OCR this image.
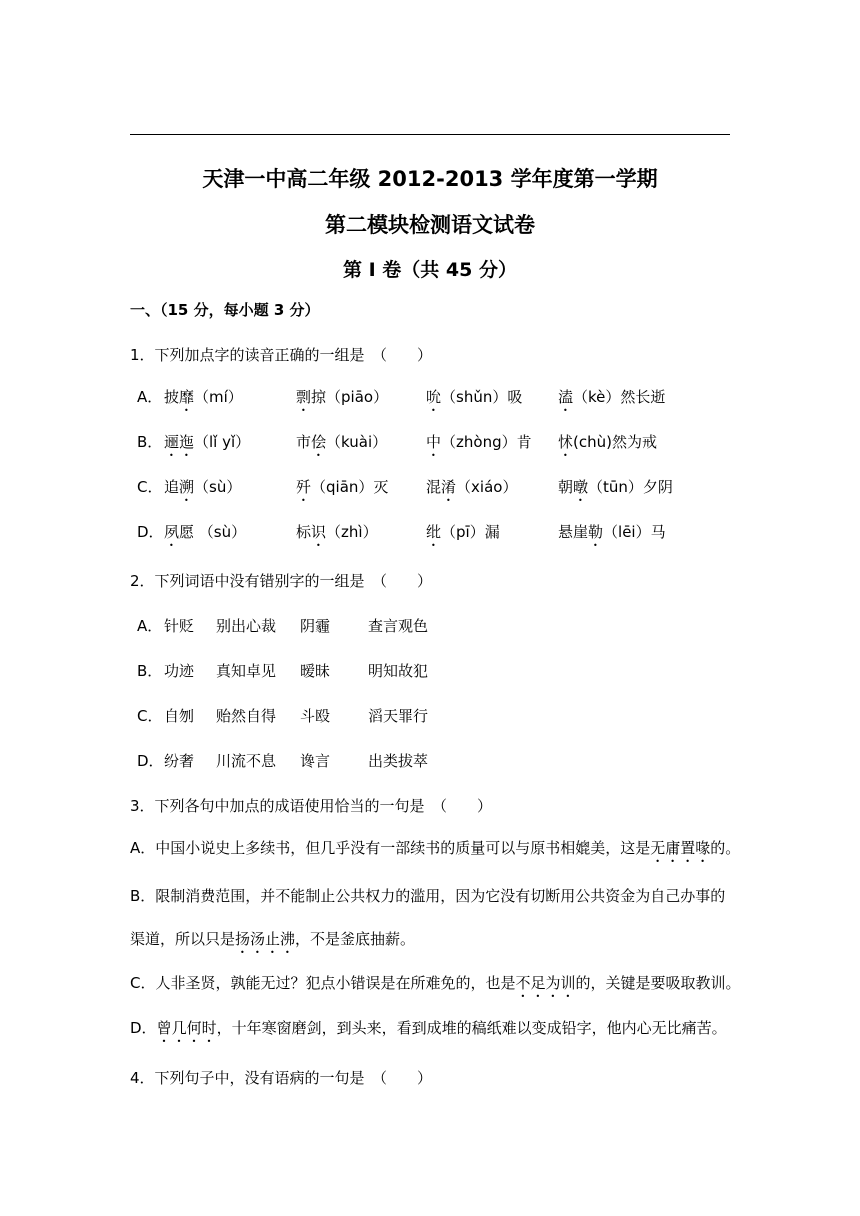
天津一中高二年级 2012-2013 学年度第一学期
第二模块检测语文试卷
第 I 卷（共 45 分）
一、（15 分，每小题 3 分）
1．下列加点字的读音正确的一组是　（　　）
A． 披靡（mí）	剽掠（piāo）	吮（shǔn）吸 溘（kè）然长逝
B． 逦迤（lǐ yǐ）	市侩（kuài）	中（zhòng）肯 怵(chù)然为戒
C． 追溯（sù）	歼（qiān）灭	混淆（xiáo）	朝暾（tūn）夕阴
D． 夙愿 （sù）	标识（zhì）	纰（pī）漏	悬崖勒（lēi）马
2．下列词语中没有错别字的一组是　（　　）
A． 针贬 别出心裁 阴霾	查言观色
B． 功迹 真知卓见 暧昧	明知故犯
C． 自刎 贻然自得 斗殴	滔天罪行
D． 纷奢 川流不息 谗言	出类拔萃
3．下列各句中加点的成语使用恰当的一句是　（　　）
A．中国小说史上多续书，但几乎没有一部续书的质量可以与原书相媲美，这是无庸置喙的。
B．限制消费范围，并不能制止公共权力的滥用，因为它没有切断用公共资金为自己办事的
渠道，所以只是扬汤止沸，不是釜底抽薪。
C．人非圣贤，孰能无过？犯点小错误是在所难免的，也是不足为训的，关键是要吸取教训。
D．曾几何时，十年寒窗磨剑，到头来，看到成堆的稿纸难以变成铅字，他内心无比痛苦。
4．下列句子中，没有语病的一句是　（　　）
